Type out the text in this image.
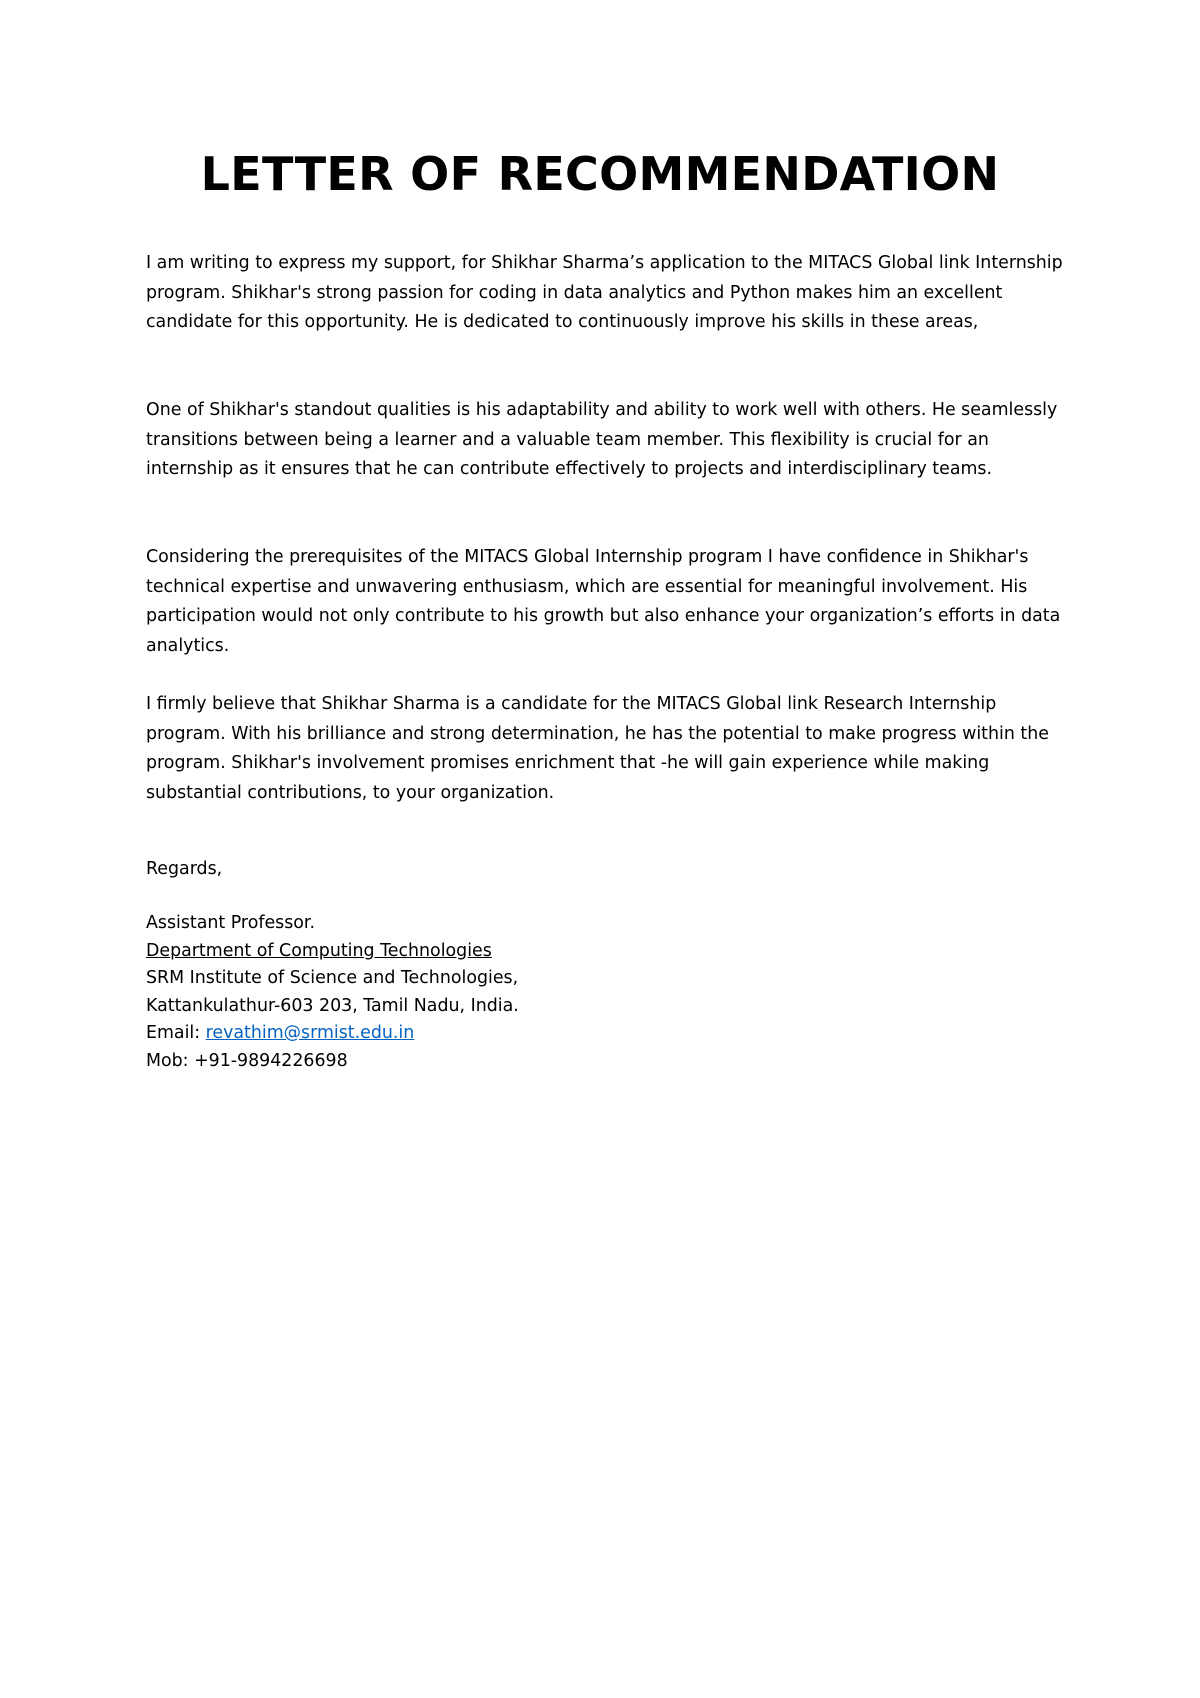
LETTER OF RECOMMENDATION

I am writing to express my support, for Shikhar Sharma’s application to the MITACS Global link Internship program. Shikhar's strong passion for coding in data analytics and Python makes him an excellent candidate for this opportunity. He is dedicated to continuously improve his skills in these areas,

One of Shikhar's standout qualities is his adaptability and ability to work well with others. He seamlessly transitions between being a learner and a valuable team member. This flexibility is crucial for an internship as it ensures that he can contribute effectively to projects and interdisciplinary teams.

Considering the prerequisites of the MITACS Global Internship program I have confidence in Shikhar's technical expertise and unwavering enthusiasm, which are essential for meaningful involvement. His participation would not only contribute to his growth but also enhance your organization’s efforts in data analytics.

I firmly believe that Shikhar Sharma is a candidate for the MITACS Global link Research Internship program. With his brilliance and strong determination, he has the potential to make progress within the program. Shikhar's involvement promises enrichment that -he will gain experience while making substantial contributions, to your organization.

Regards,

Assistant Professor.
Department of Computing Technologies
SRM Institute of Science and Technologies,
Kattankulathur-603 203, Tamil Nadu, India.
Email: revathim@srmist.edu.in
Mob: +91-9894226698
